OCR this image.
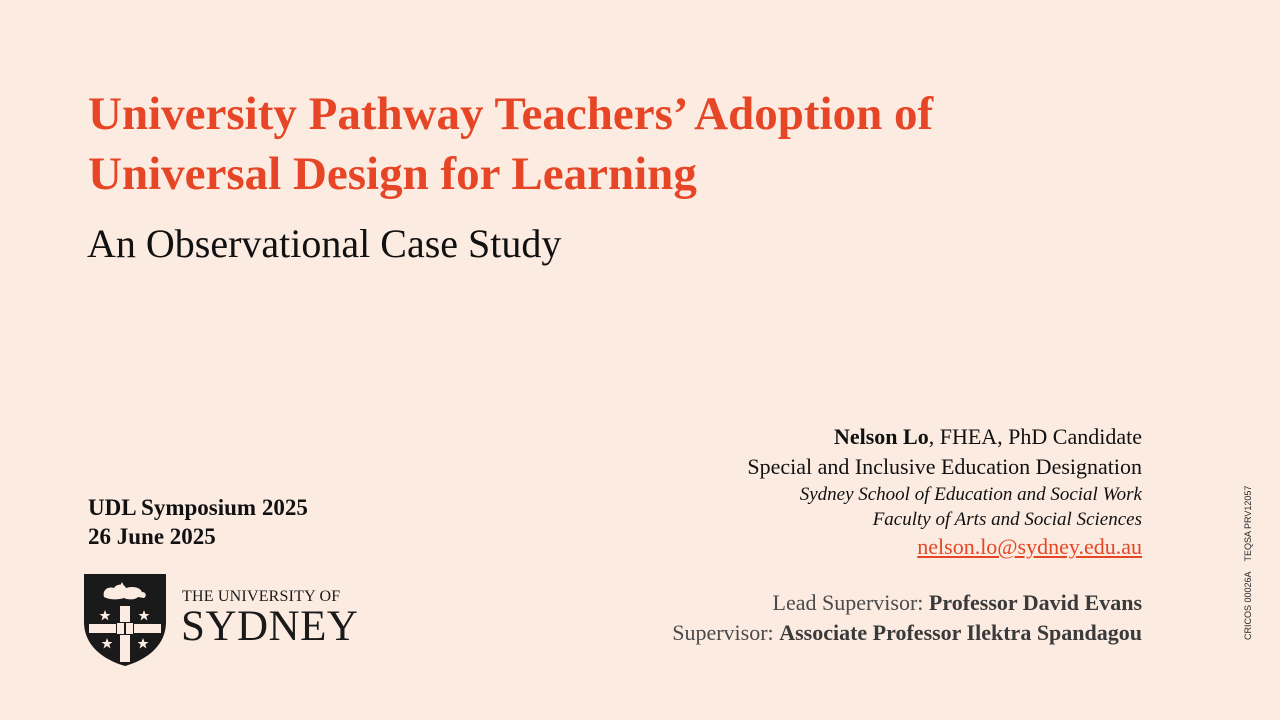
University Pathway Teachers’ Adoption of
Universal Design for Learning
An Observational Case Study
UDL Symposium 2025
26 June 2025
THE UNIVERSITY OF
SYDNEY
Nelson Lo, FHEA, PhD Candidate
Special and Inclusive Education Designation
Sydney School of Education and Social Work
Faculty of Arts and Social Sciences
nelson.lo@sydney.edu.au
Lead Supervisor: Professor David Evans
Supervisor: Associate Professor Ilektra Spandagou	CRICOS 00026ATEQSA PRV12057
